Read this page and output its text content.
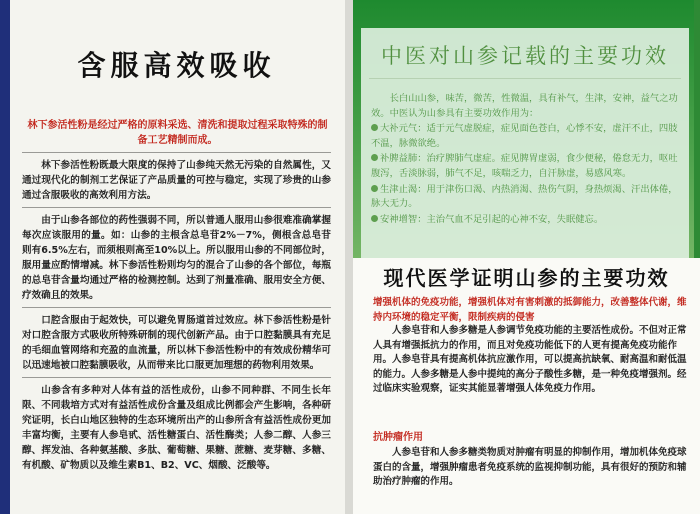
含服高效吸收
林下参活性粉是经过严格的原料采选、清洗和提取过程采取特殊的制备工艺精制而成。

林下参活性粉既最大限度的保持了山参纯天然无污染的自然属性，又通过现代化的制剂工艺保证了产品质量的可控与稳定，实现了珍贵的山参通过含服吸收的高效利用方法。

由于山参各部位的药性强弱不同，所以普通人服用山参很难准确掌握每次应该服用的量。如：山参的主根含总皂苷2%－7%，侧根含总皂苷则有6.5%左右，而须根则高至10%以上。所以服用山参的不同部位时，服用量应酌情增减。林下参活性粉则均匀的混合了山参的各个部位，每瓶的总皂苷含量均通过严格的检测控制。达到了剂量准确、服用安全方便、疗效确且的效果。

口腔含服由于起效快，可以避免胃肠道首过效应。林下参活性粉是针对口腔含服方式吸收所特殊研制的现代创新产品。由于口腔黏膜具有充足的毛细血管网络和充盈的血流量，所以林下参活性粉中的有效成份精华可以迅速地被口腔黏膜吸收，从而带来比口服更加理想的药物利用效果。

山参含有多种对人体有益的活性成份，山参不同种群、不同生长年限、不同栽培方式对有益活性成份含量及组成比例都会产生影响，各种研究证明，长白山地区独特的生态环境所出产的山参所含有益活性成份更加丰富均衡，主要有人参皂甙、活性糖蛋白、活性酶类；人参二醇、人参三醇、挥发油、各种氨基酸、多肽、葡萄糖、果糖、蔗糖、麦芽糖、多糖、有机酸、矿物质以及维生素B1、B2、VC、烟酸、泛酸等。

中医对山参记载的主要功效

长白山山参，味苦，微苦，性微温，具有补气，生津，安神，益气之功效。中医认为山参具有主要功效作用为：

大补元气：适于元气虚脱症，症见面色苍白，心悸不安，虚汗不止，四肢不温，脉微欲绝。
补脾益肺：治疗脾肺气虚症。症见脾胃虚弱，食少便秘，倦怠无力，呕吐腹泻，舌淡脉弱，肺气不足，咳喘乏力，自汗脉虚，易感风寒。
生津止渴：用于津伤口渴、内热消渴、热伤气阴，身热烦渴、汗出体倦，脉大无力。
安神增智：主治气血不足引起的心神不安，失眠健忘。
现代医学证明山参的主要功效
增强机体的免疫功能，增强机体对有害刺激的抵御能力，改善整体代谢，维持内环境的稳定平衡，限制疾病的侵害

人参皂苷和人参多糖是人参调节免疫功能的主要活性成份。不但对正常人具有增强抵抗力的作用，而且对免疫功能低下的人更有提高免疫功能作用。人参皂苷具有提高机体抗应激作用，可以提高抗缺氧、耐高温和耐低温的能力。人参多糖是人参中提纯的高分子酸性多糖，是一种免疫增强剂。经过临床实验观察，证实其能显著增强人体免疫力作用。

抗肿瘤作用

人参皂苷和人参多糖类物质对肿瘤有明显的抑制作用，增加机体免疫球蛋白的含量，增强肿瘤患者免疫系统的监视抑制功能，具有很好的预防和辅助治疗肿瘤的作用。
